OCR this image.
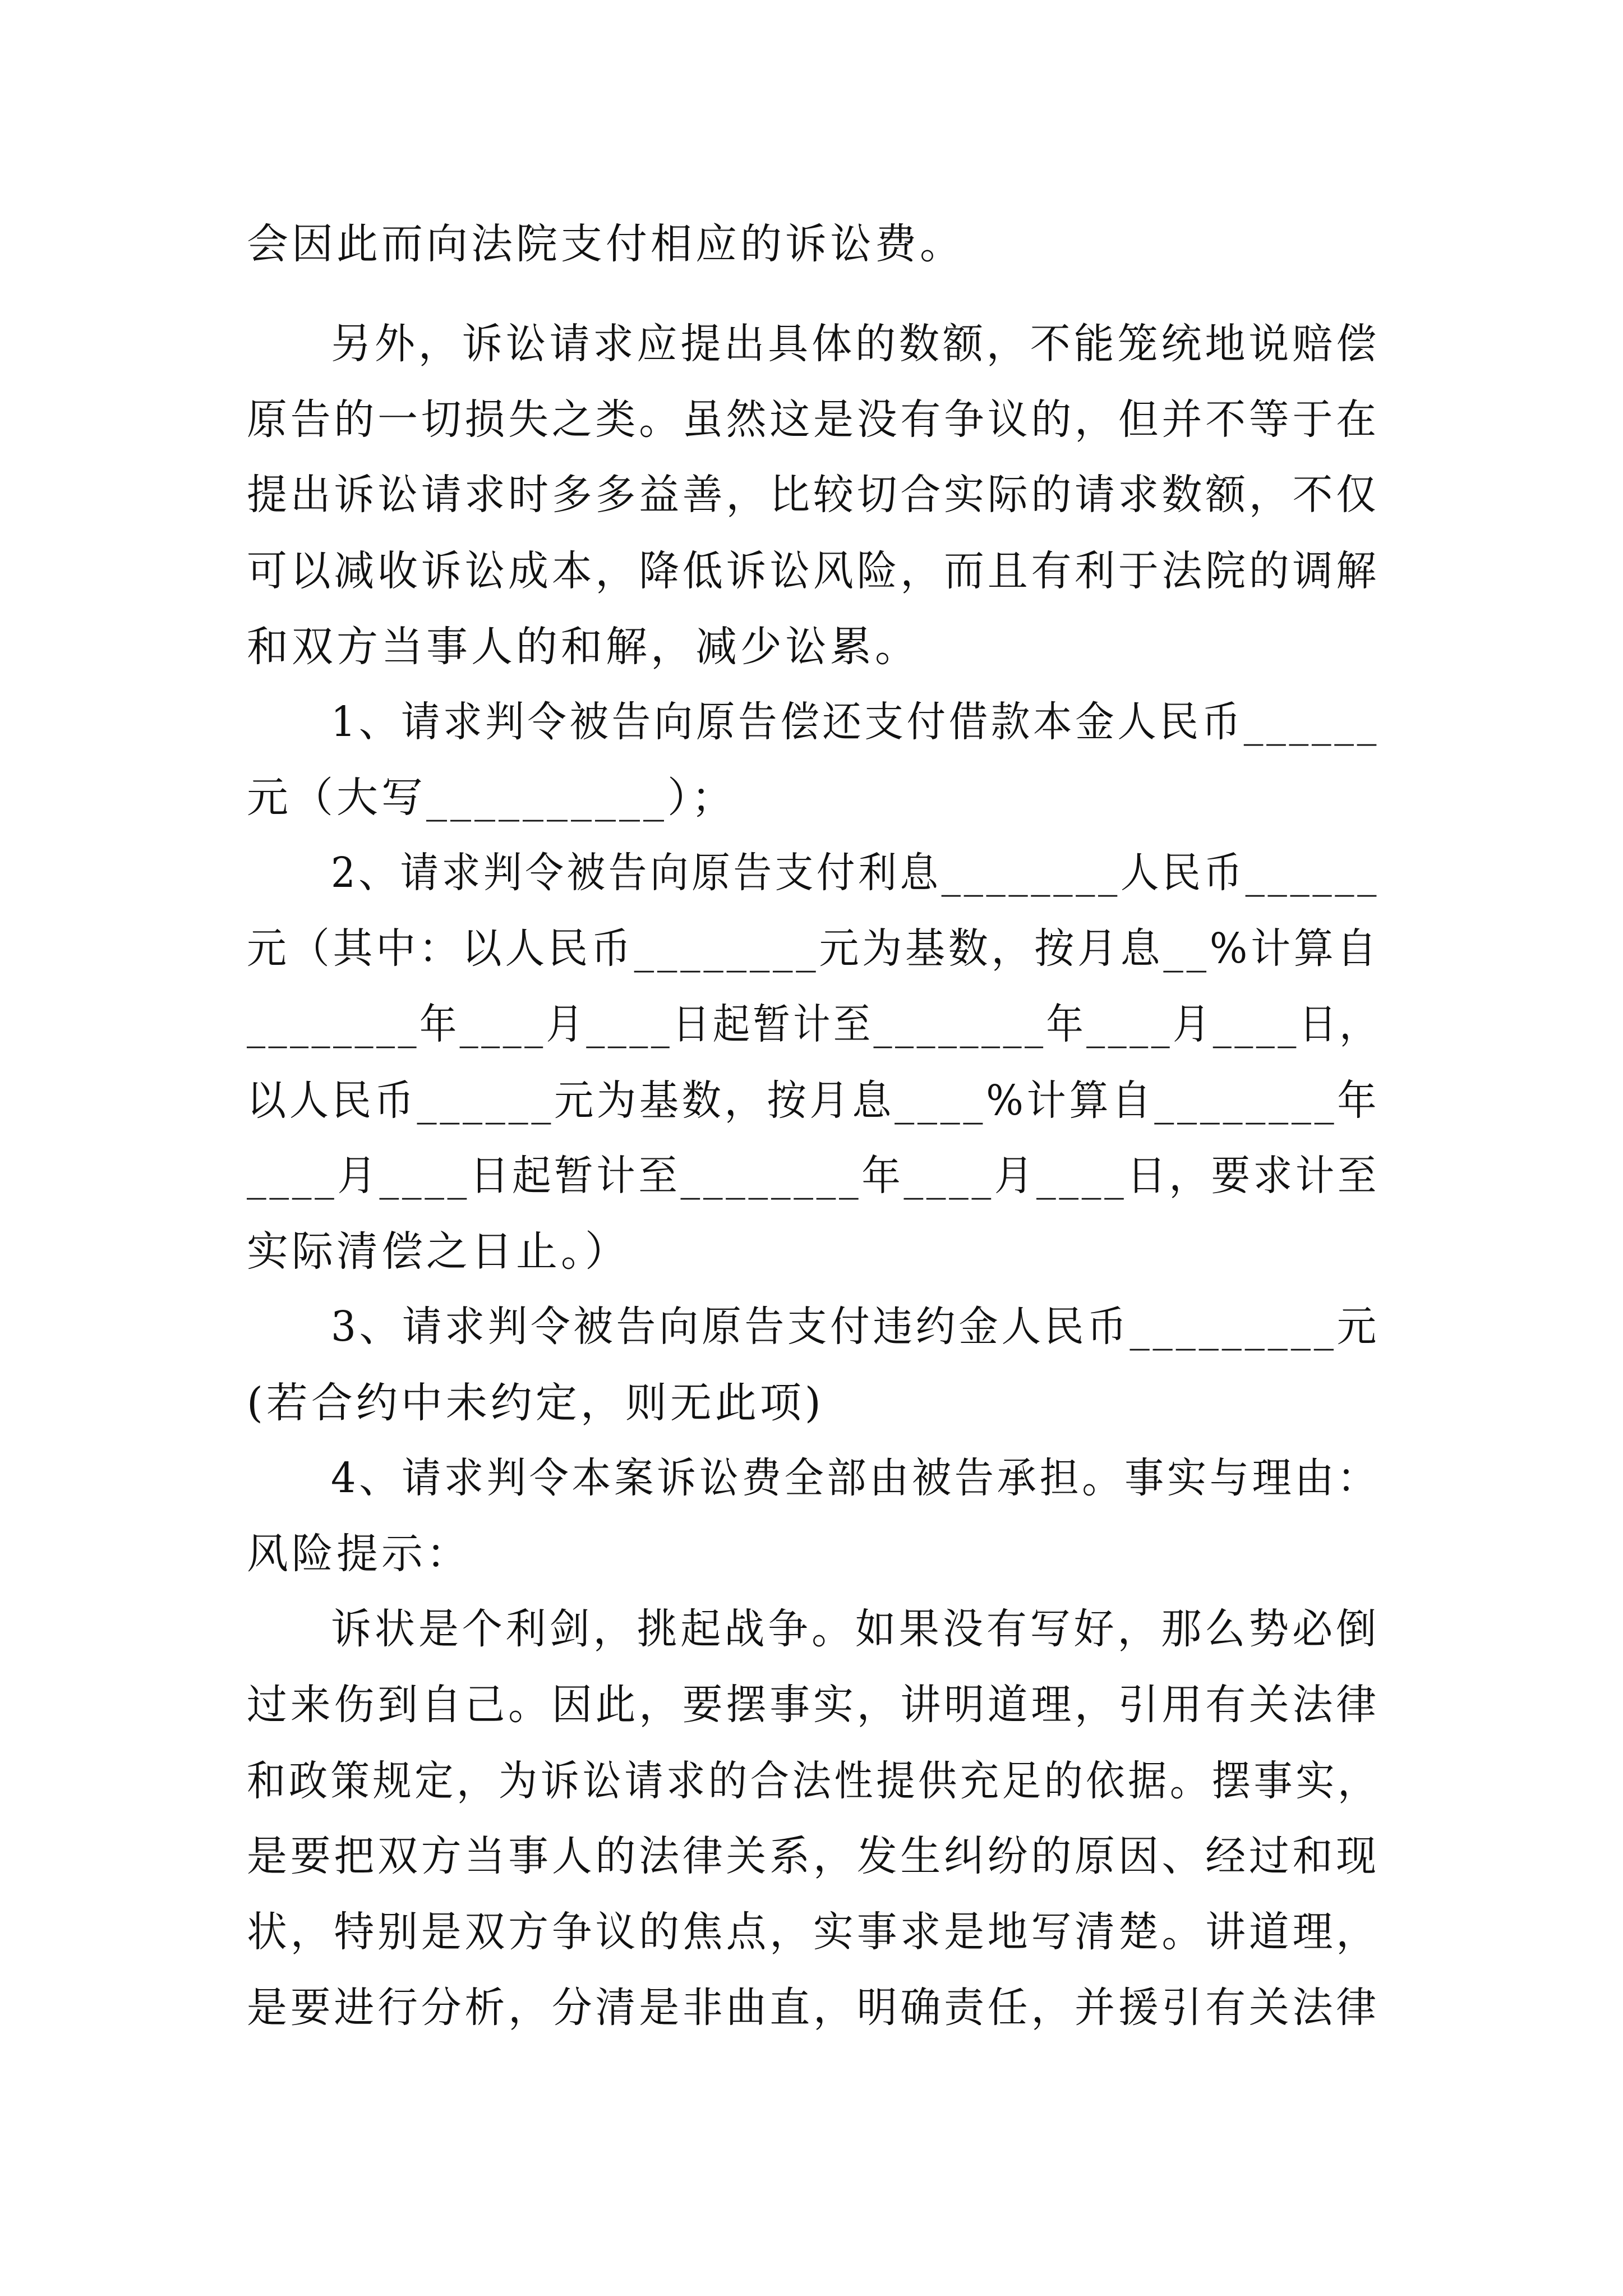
会因此而向法院支付相应的诉讼费。
另外，诉讼请求应提出具体的数额，不能笼统地说赔偿
原告的一切损失之类。虽然这是没有争议的，但并不等于在
提出诉讼请求时多多益善，比较切合实际的请求数额，不仅
可以减收诉讼成本，降低诉讼风险，而且有利于法院的调解
和双方当事人的和解，减少讼累。
1、请求判令被告向原告偿还支付借款本金人民币______
元（大写__________）；
2、请求判令被告向原告支付利息________人民币______
元（其中：以人民币________元为基数，按月息__%计算自
________年____月____日起暂计至________年____月____日，
以人民币______元为基数，按月息____%计算自________年
____月____日起暂计至________年____月____日，要求计至
实际清偿之日止。）
3、请求判令被告向原告支付违约金人民币_________元
(若合约中未约定，则无此项)
4、请求判令本案诉讼费全部由被告承担。事实与理由：
风险提示：
诉状是个利剑，挑起战争。如果没有写好，那么势必倒
过来伤到自己。因此，要摆事实，讲明道理，引用有关法律
和政策规定，为诉讼请求的合法性提供充足的依据。摆事实，
是要把双方当事人的法律关系，发生纠纷的原因、经过和现
状，特别是双方争议的焦点，实事求是地写清楚。讲道理，
是要进行分析，分清是非曲直，明确责任，并援引有关法律
